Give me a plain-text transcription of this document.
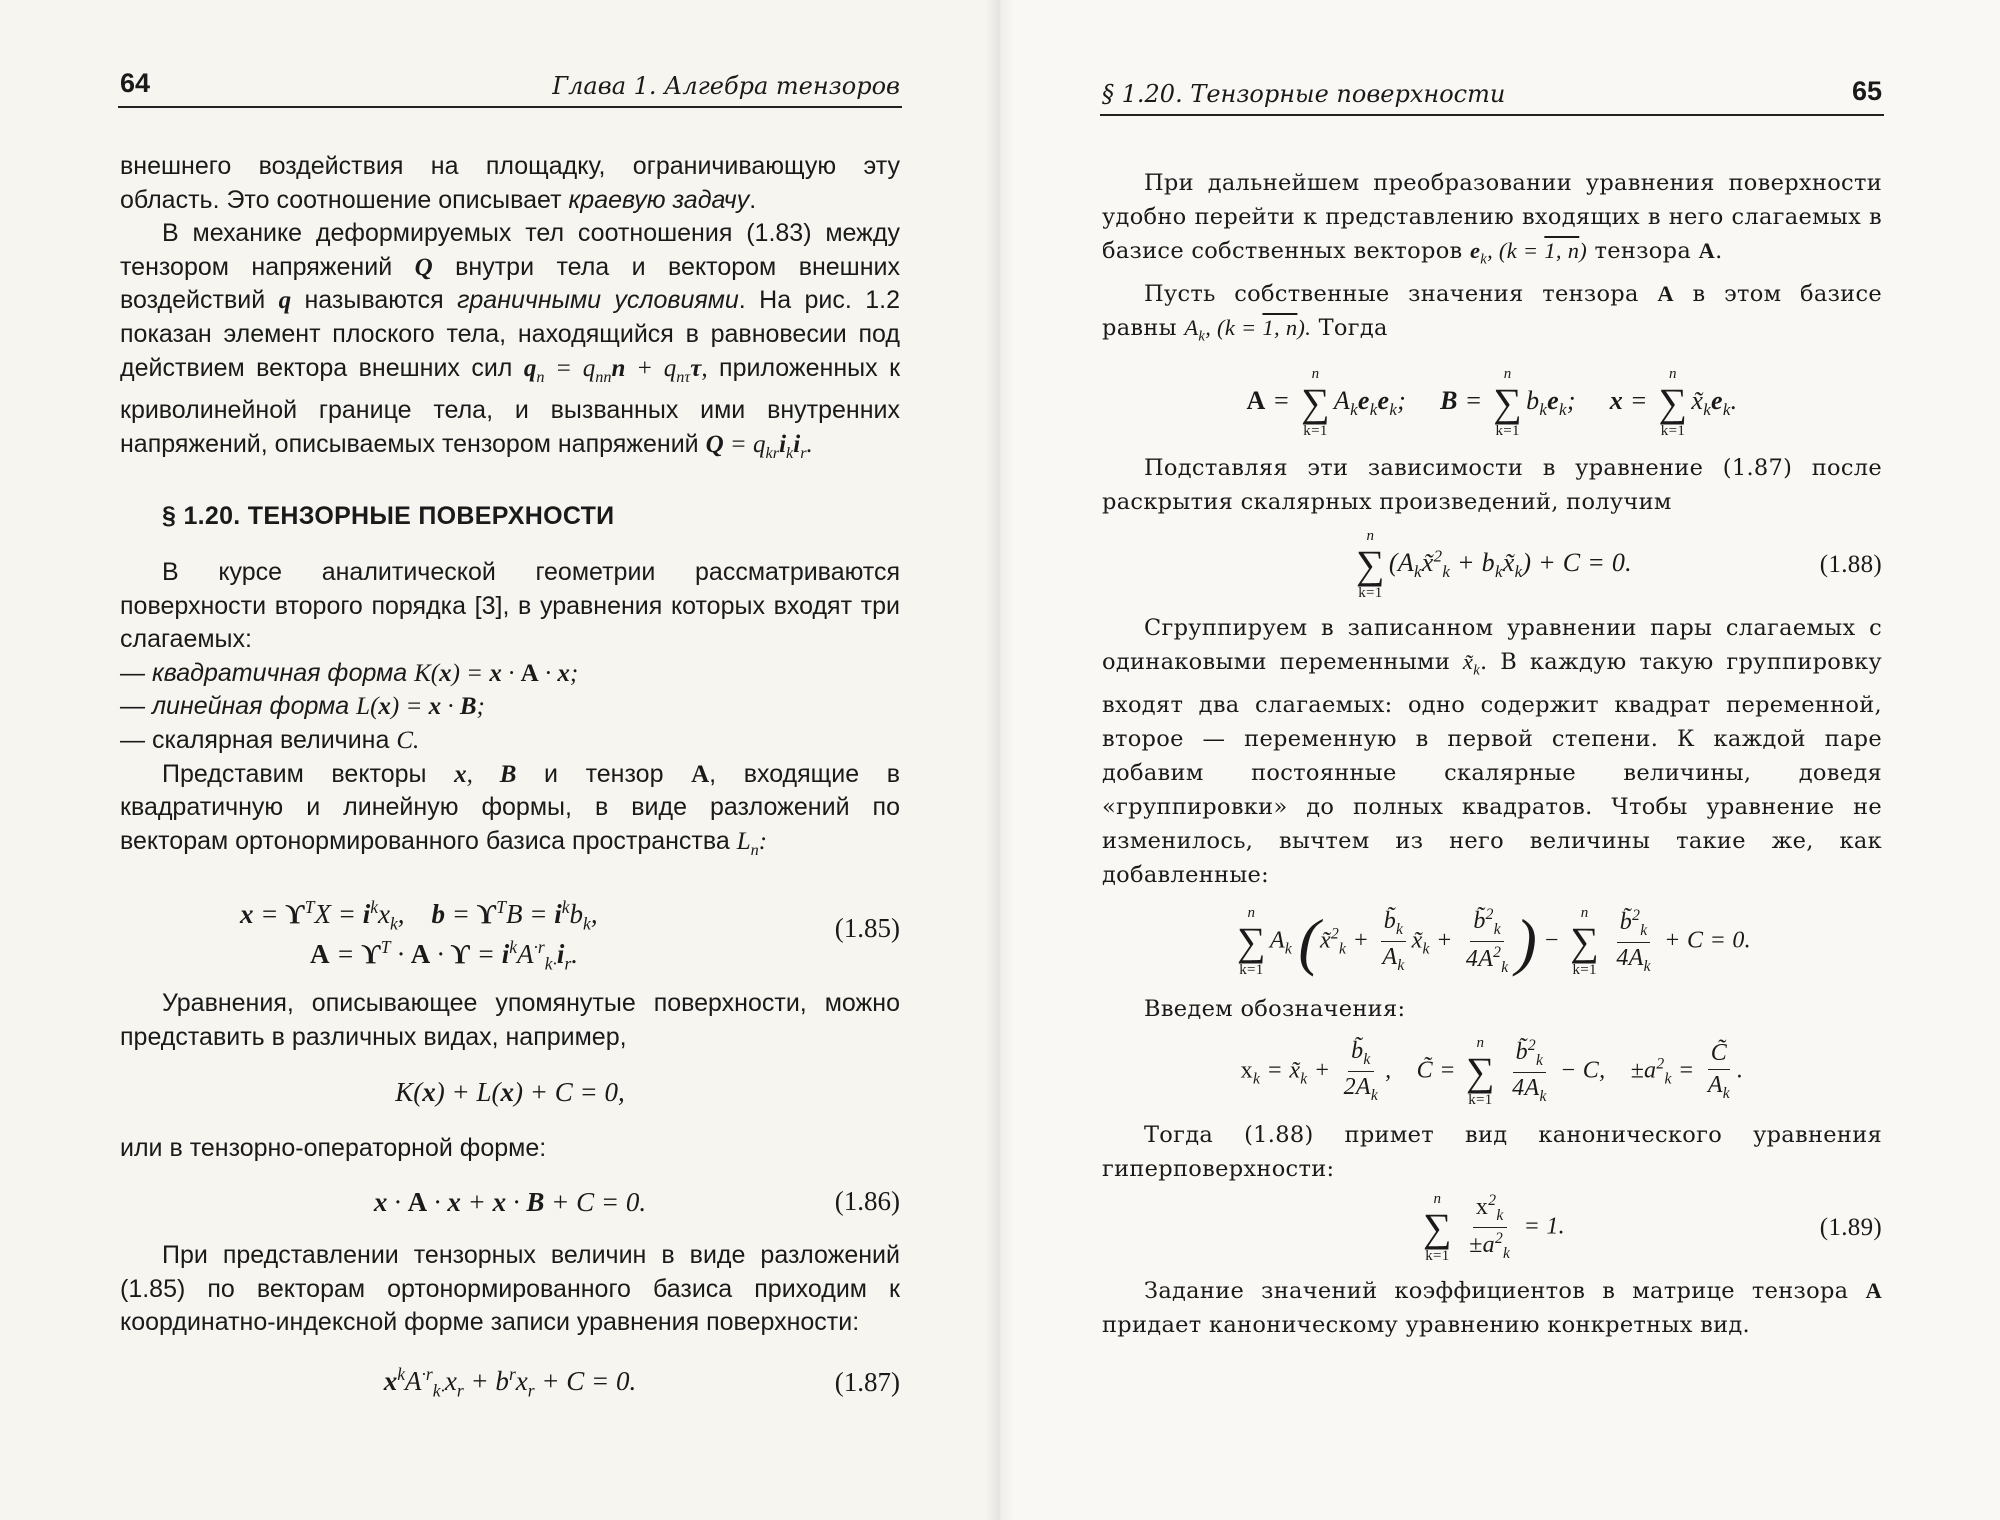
64	Глава 1. Алгебра тензоров

внешнего воздействия на площадку, ограничивающую эту область. Это соотношение описывает краевую задачу.

В механике деформируемых тел соотношения (1.83) между тензором напряжений Q внутри тела и вектором внешних воздействий q называются граничными условиями. На рис. 1.2 показан элемент плоского тела, находящийся в равновесии под действием вектора внешних сил $q_n = q_{nn}n + q_{n\tau}\tau$, приложенных к криволинейной границе тела, и вызванных ими внутренних напряжений, описываемых тензором напряжений $Q = q_{kr}i_ki_r$.

§ 1.20. ТЕНЗОРНЫЕ ПОВЕРХНОСТИ

В курсе аналитической геометрии рассматриваются поверхности второго порядка [3], в уравнения которых входят три слагаемых:

— квадратичная форма K(x) = x · A · x;

— линейная форма L(x) = x · B;

— скалярная величина C.

Представим векторы x, B и тензор A, входящие в квадратичную и линейную формы, в виде разложений по векторам ортонормированного базиса пространства $L_n$:

$x = ϒ^TX = i^kx_k$,    $b = ϒ^TB = i^kb_k$,
$A = ϒ^T \cdot A \cdot ϒ = i^kA^{\cdot r}_{k\cdot}i_r$.
(1.85)

Уравнения, описывающее упомянутые поверхности, можно представить в различных видах, например,

K(x) + L(x) + C = 0,

или в тензорно-операторной форме:

x · A · x + x · B + C = 0.	(1.86)

При представлении тензорных величин в виде разложений (1.85) по векторам ортонормированного базиса приходим к координатно-индексной форме записи уравнения поверхности:

$x^kA^{\cdot r}_{k\cdot}x_r + b^rx_r + C = 0$.	(1.87)
§ 1.20. Тензорные поверхности	65

При дальнейшем преобразовании уравнения поверхности удобно перейти к представлению входящих в него слагаемых в базисе собственных векторов $e_k$, (k = 1, n) тензора A.

Пусть собственные значения тензора A в этом базисе равны $A_k$, (k = 1, n). Тогда

A =
n
∑
k=1
$A_ke_ke_k$;     B =
n
∑
k=1
$b_ke_k$;     x =
n
∑
k=1
$x̃_ke_k$.

Подставляя эти зависимости в уравнение (1.87) после раскрытия скалярных произведений, получим

n
∑
k=1
($A_kx̃^2_k$ + $b_kx̃_k) + C = 0$.	(1.88)

Сгруппируем в записанном уравнении пары слагаемых с одинаковыми переменными $x̃_k$. В каждую такую группировку входят два слагаемых: одно содержит квадрат переменной, второе — переменную в первой степени. К каждой паре добавим постоянные скалярные величины, доведя «группировки» до полных квадратов. Чтобы уравнение не изменилось, вычтем из него величины такие же, как добавленные:

n
∑
k=1
$A_k$ (x̃$^2_k$ + $\frac{b̃_k}{A_k}$ $x̃_k + \frac{b̃^2_k}{4A^2_k}$ ) −
n
∑
k=1
$\frac{b̃^2_k}{4A_k} + C = 0$.

Введем обозначения:

$x_k$ = $x̃_k + \frac{b̃_k}{2A_k}$ ,    C̃ =
n
∑
k=1
$\frac{b̃^2_k}{4A_k} - C$,    $\pm a^2_k = \frac{C̃}{A_k}$ .

Тогда (1.88) примет вид канонического уравнения гиперповерхности:

n
∑
k=1
$\frac{x^2_k}{\pm a^2_k} = 1$.	(1.89)

Задание значений коэффициентов в матрице тензора A придает каноническому уравнению конкретных вид.
